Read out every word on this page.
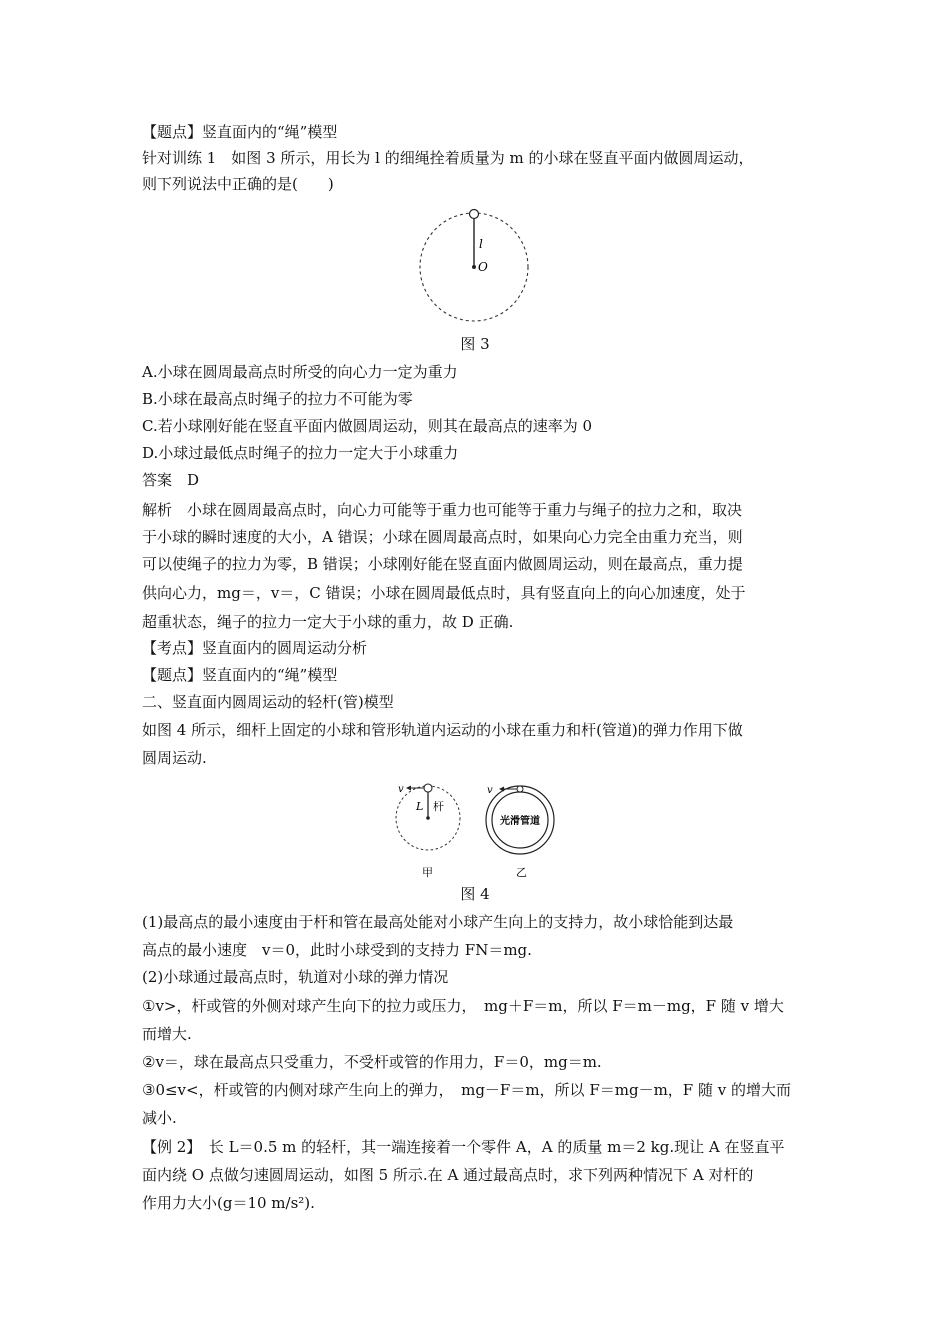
【题点】竖直面内的“绳”模型
针对训练 1　如图 3 所示，用长为 l 的细绳拴着质量为 m 的小球在竖直平面内做圆周运动，
则下列说法中正确的是(　　)
l
O
图 3
A.小球在圆周最高点时所受的向心力一定为重力
B.小球在最高点时绳子的拉力不可能为零
C.若小球刚好能在竖直平面内做圆周运动，则其在最高点的速率为 0
D.小球过最低点时绳子的拉力一定大于小球重力
答案　D
解析　小球在圆周最高点时，向心力可能等于重力也可能等于重力与绳子的拉力之和，取决
于小球的瞬时速度的大小，A 错误；小球在圆周最高点时，如果向心力完全由重力充当，则
可以使绳子的拉力为零，B 错误；小球刚好能在竖直面内做圆周运动，则在最高点，重力提
供向心力，mg＝，v＝，C 错误；小球在圆周最低点时，具有竖直向上的向心加速度，处于
超重状态，绳子的拉力一定大于小球的重力，故 D 正确.
【考点】竖直面内的圆周运动分析
【题点】竖直面内的“绳”模型
二、竖直面内圆周运动的轻杆(管)模型
如图 4 所示，细杆上固定的小球和管形轨道内运动的小球在重力和杆(管道)的弹力作用下做
圆周运动.
v
L 杆
甲
v
光滑管道
乙
图 4
(1)最高点的最小速度由于杆和管在最高处能对小球产生向上的支持力，故小球恰能到达最
高点的最小速度　v＝0，此时小球受到的支持力 FN＝mg.
(2)小球通过最高点时，轨道对小球的弹力情况
①v>，杆或管的外侧对球产生向下的拉力或压力，　mg＋F＝m，所以 F＝m－mg，F 随 v 增大
而增大.
②v＝，球在最高点只受重力，不受杆或管的作用力，F＝0，mg＝m.
③0≤v<，杆或管的内侧对球产生向上的弹力，　mg－F＝m，所以 F＝mg－m，F 随 v 的增大而
减小.
【例 2】　长 L＝0.5 m 的轻杆，其一端连接着一个零件 A，A 的质量 m＝2 kg.现让 A 在竖直平
面内绕 O 点做匀速圆周运动，如图 5 所示.在 A 通过最高点时，求下列两种情况下 A 对杆的
作用力大小(g＝10 m/s²).
